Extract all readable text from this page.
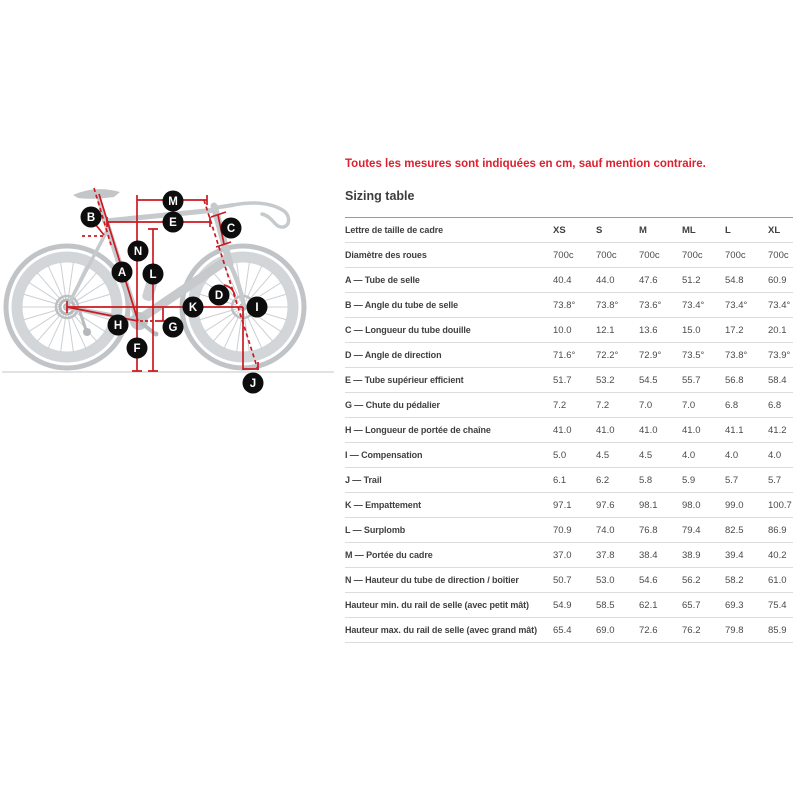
M
B	E	C
N
A L
D
K	I
G
H
F
J

Toutes les mesures sont indiquées en cm, sauf mention contraire.

Sizing table
Lettre de taille de cadre	XS	S	M	ML	L	XL
Diamètre des roues	700c	700c	700c	700c	700c	700c
A — Tube de selle	40.4	44.0	47.6	51.2	54.8	60.9
B — Angle du tube de selle	73.8°	73.8°	73.6°	73.4°	73.4°	73.4°
C — Longueur du tube douille	10.0	12.1	13.6	15.0	17.2	20.1
D — Angle de direction	71.6°	72.2°	72.9°	73.5°	73.8°	73.9°
E — Tube supérieur efficient	51.7	53.2	54.5	55.7	56.8	58.4
G — Chute du pédalier	7.2	7.2	7.0	7.0	6.8	6.8
H — Longueur de portée de chaîne	41.0	41.0	41.0	41.0	41.1	41.2
I — Compensation	5.0	4.5	4.5	4.0	4.0	4.0
J — Trail	6.1	6.2	5.8	5.9	5.7	5.7
K — Empattement	97.1	97.6	98.1	98.0	99.0	100.7
L — Surplomb	70.9	74.0	76.8	79.4	82.5	86.9
M — Portée du cadre	37.0	37.8	38.4	38.9	39.4	40.2
N — Hauteur du tube de direction / boîtier	50.7	53.0	54.6	56.2	58.2	61.0
Hauteur min. du rail de selle (avec petit mât)	54.9	58.5	62.1	65.7	69.3	75.4
Hauteur max. du rail de selle (avec grand mât)	65.4	69.0	72.6	76.2	79.8	85.9
